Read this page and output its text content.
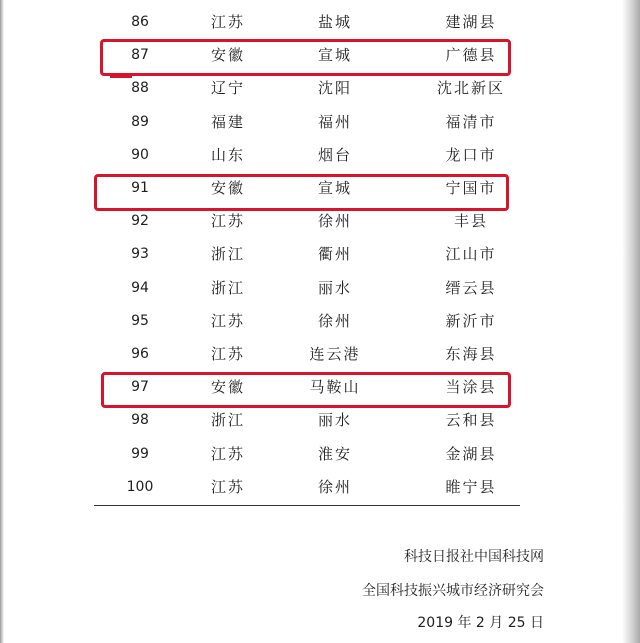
86	江苏	盐城	建湖县
87	安徽	宣城	广德县
88	辽宁	沈阳	沈北新区
89	福建	福州	福清市
90	山东	烟台	龙口市
91	安徽	宣城	宁国市
92	江苏	徐州	丰县
93	浙江	衢州	江山市
94	浙江	丽水	缙云县
95	江苏	徐州	新沂市
96	江苏	连云港	东海县
97	安徽	马鞍山	当涂县
98	浙江	丽水	云和县
99	江苏	淮安	金湖县
100	江苏	徐州	睢宁县
科技日报社中国科技网
全国科技振兴城市经济研究会
2019 年 2 月 25 日
